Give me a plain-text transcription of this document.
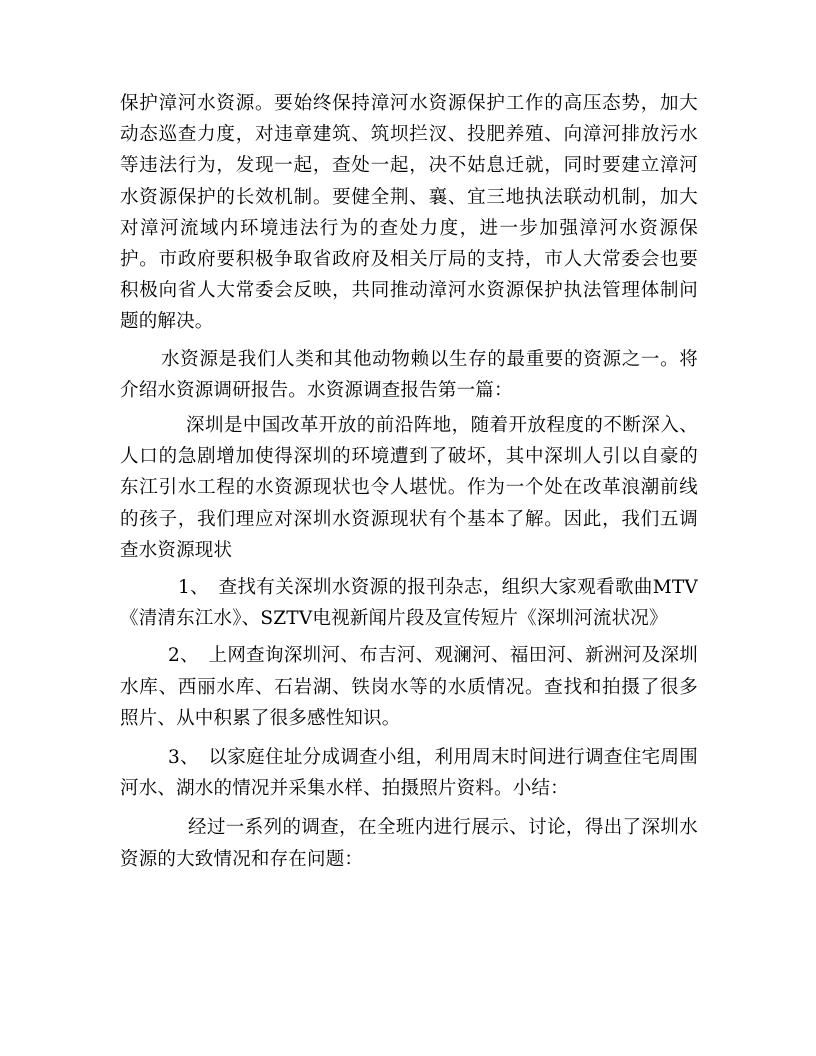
保护漳河水资源。要始终保持漳河水资源保护工作的高压态势，加大动态巡查力度，对违章建筑、筑坝拦汊、投肥养殖、向漳河排放污水等违法行为，发现一起，查处一起，决不姑息迁就，同时要建立漳河水资源保护的长效机制。要健全荆、襄、宜三地执法联动机制，加大对漳河流域内环境违法行为的查处力度，进一步加强漳河水资源保护。市政府要积极争取省政府及相关厅局的支持，市人大常委会也要积极向省人大常委会反映，共同推动漳河水资源保护执法管理体制问题的解决。

水资源是我们人类和其他动物赖以生存的最重要的资源之一。将介绍水资源调研报告。水资源调查报告第一篇：

深圳是中国改革开放的前沿阵地，随着开放程度的不断深入、人口的急剧增加使得深圳的环境遭到了破坏，其中深圳人引以自豪的东江引水工程的水资源现状也令人堪忧。作为一个处在改革浪潮前线的孩子，我们理应对深圳水资源现状有个基本了解。因此，我们五调查水资源现状

1、　查找有关深圳水资源的报刊杂志，组织大家观看歌曲MTV《清清东江水》、SZTV电视新闻片段及宣传短片《深圳河流状况》

2、　上网查询深圳河、布吉河、观澜河、福田河、新洲河及深圳水库、西丽水库、石岩湖、铁岗水等的水质情况。查找和拍摄了很多照片、从中积累了很多感性知识。

3、　以家庭住址分成调查小组，利用周末时间进行调查住宅周围河水、湖水的情况并采集水样、拍摄照片资料。小结：

经过一系列的调查，在全班内进行展示、讨论，得出了深圳水资源的大致情况和存在问题：
